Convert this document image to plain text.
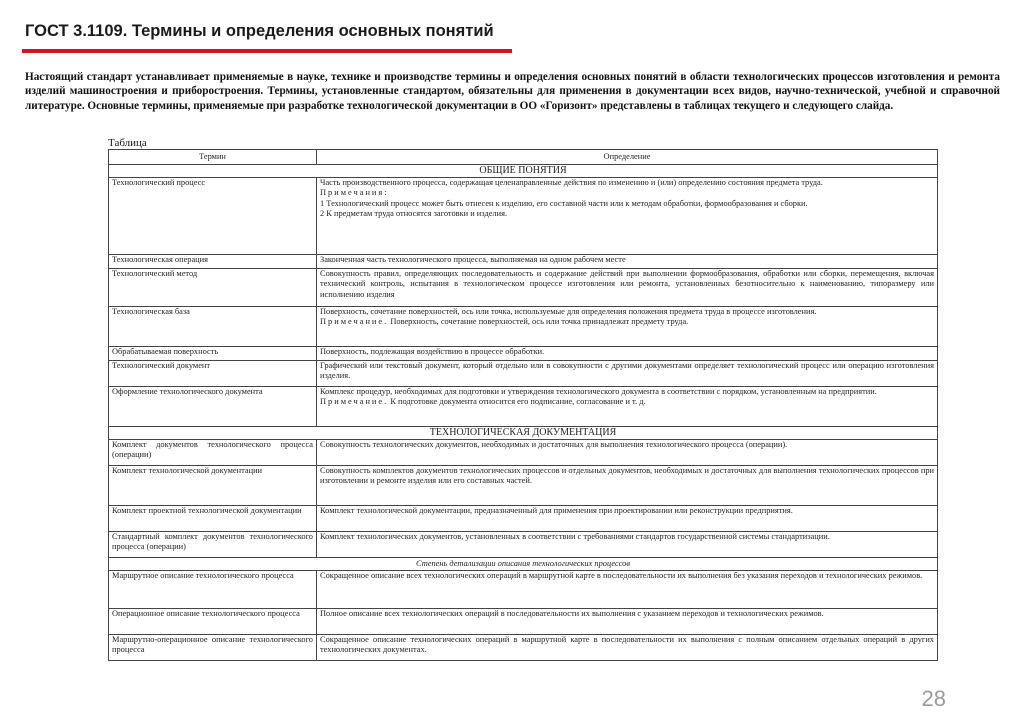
ГОСТ 3.1109. Термины и определения основных понятий
Настоящий стандарт устанавливает применяемые в науке, технике и производстве термины и определения основных понятий в области технологических процессов изготовления и ремонта изделий машиностроения и приборостроения. Термины, установленные стандартом, обязательны для применения в документации всех видов, научно-технической, учебной и справочной литературе. Основные термины, применяемые при разработке технологической документации в ОО «Горизонт» представлены в таблицах текущего и следующего слайда.
Таблица
Термин	Определение
ОБЩИЕ ПОНЯТИЯ	
Технологический процесс	Часть производственного процесса, содержащая целенаправленные действия по изменению и (или) определению состояния предмета труда.
Примечания:
1 Технологический процесс может быть отнесен к изделию, его составной части или к методам обработки, формообразования и сборки.
2 К предметам труда относятся заготовки и изделия.

Технологическая операция	Законченная часть технологического процесса, выполняемая на одном рабочем месте
Технологический метод	Совокупность правил, определяющих последовательность и содержание действий при выполнении формообразования, обработки или сборки, перемещения, включая технический контроль, испытания в технологическом процессе изготовления или ремонта, установленных безотносительно к наименованию, типоразмеру или исполнению изделия
Технологическая база	Поверхность, сочетание поверхностей, ось или точка, используемые для определения положения предмета труда в процессе изготовления.
Примечание. Поверхность, сочетание поверхностей, ось или точка принадлежат предмету труда.

Обрабатываемая поверхность	Поверхность, подлежащая воздействию в процессе обработки.
Технологический документ	Графический или текстовый документ, который отдельно или в совокупности с другими документами определяет технологический процесс или операцию изготовления изделия.
Оформление технологического документа	Комплекс процедур, необходимых для подготовки и утверждения технологического документа в соответствии с порядком, установленным на предприятии.
Примечание. К подготовке документа относится его подписание, согласование и т. д.

ТЕХНОЛОГИЧЕСКАЯ ДОКУМЕНТАЦИЯ	
Комплект документов технологического процесса (операции)	Совокупность технологических документов, необходимых и достаточных для выполнения технологического процесса (операции).
Комплект технологической документации	Совокупность комплектов документов технологических процессов и отдельных документов, необходимых и достаточных для выполнения технологических процессов при изготовлении и ремонте изделия или его составных частей.
Комплект проектной технологической документации	Комплект технологической документации, предназначенный для применения при проектировании или реконструкции предприятия.
Стандартный комплект документов технологического процесса (операции)	Комплект технологических документов, установленных в соответствии с требованиями стандартов государственной системы стандартизации.
Степень детализации описания технологических процессов	
Маршрутное описание технологического процесса	Сокращенное описание всех технологических операций в маршрутной карте в последовательности их выполнения без указания переходов и технологических режимов.
Операционное описание технологического процесса	Полное описание всех технологических операций в последовательности их выполнения с указанием переходов и технологических режимов.
Маршрутно-операционное описание технологического процесса	Сокращенное описание технологических операций в маршрутной карте в последовательности их выполнения с полным описанием отдельных операций в других технологических документах.
28
